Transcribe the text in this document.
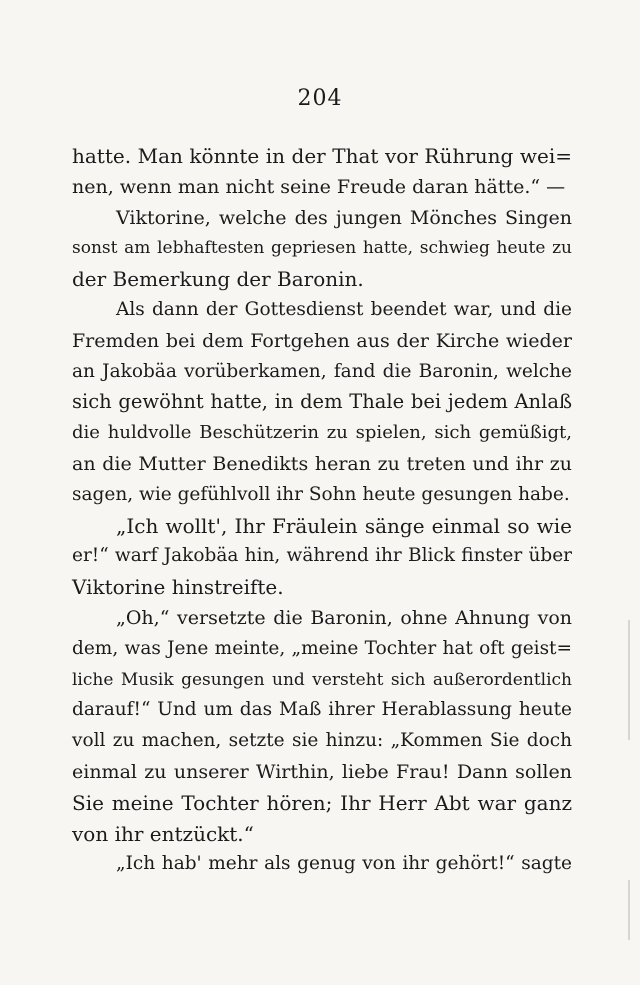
204
hatte. Man könnte in der That vor Rührung wei=
nen, wenn man nicht seine Freude daran hätte.“ —
Viktorine, welche des jungen Mönches Singen
sonst am lebhaftesten gepriesen hatte, schwieg heute zu
der Bemerkung der Baronin.
Als dann der Gottesdienst beendet war, und die
Fremden bei dem Fortgehen aus der Kirche wieder
an Jakobäa vorüberkamen, fand die Baronin, welche
sich gewöhnt hatte, in dem Thale bei jedem Anlaß
die huldvolle Beschützerin zu spielen, sich gemüßigt,
an die Mutter Benedikts heran zu treten und ihr zu
sagen, wie gefühlvoll ihr Sohn heute gesungen habe.
„Ich wollt', Ihr Fräulein sänge einmal so wie
er!“ warf Jakobäa hin, während ihr Blick finster über
Viktorine hinstreifte.
„Oh,“ versetzte die Baronin, ohne Ahnung von
dem, was Jene meinte, „meine Tochter hat oft geist=
liche Musik gesungen und versteht sich außerordentlich
darauf!“ Und um das Maß ihrer Herablassung heute
voll zu machen, setzte sie hinzu: „Kommen Sie doch
einmal zu unserer Wirthin, liebe Frau! Dann sollen
Sie meine Tochter hören; Ihr Herr Abt war ganz
von ihr entzückt.“
„Ich hab' mehr als genug von ihr gehört!“ sagte
